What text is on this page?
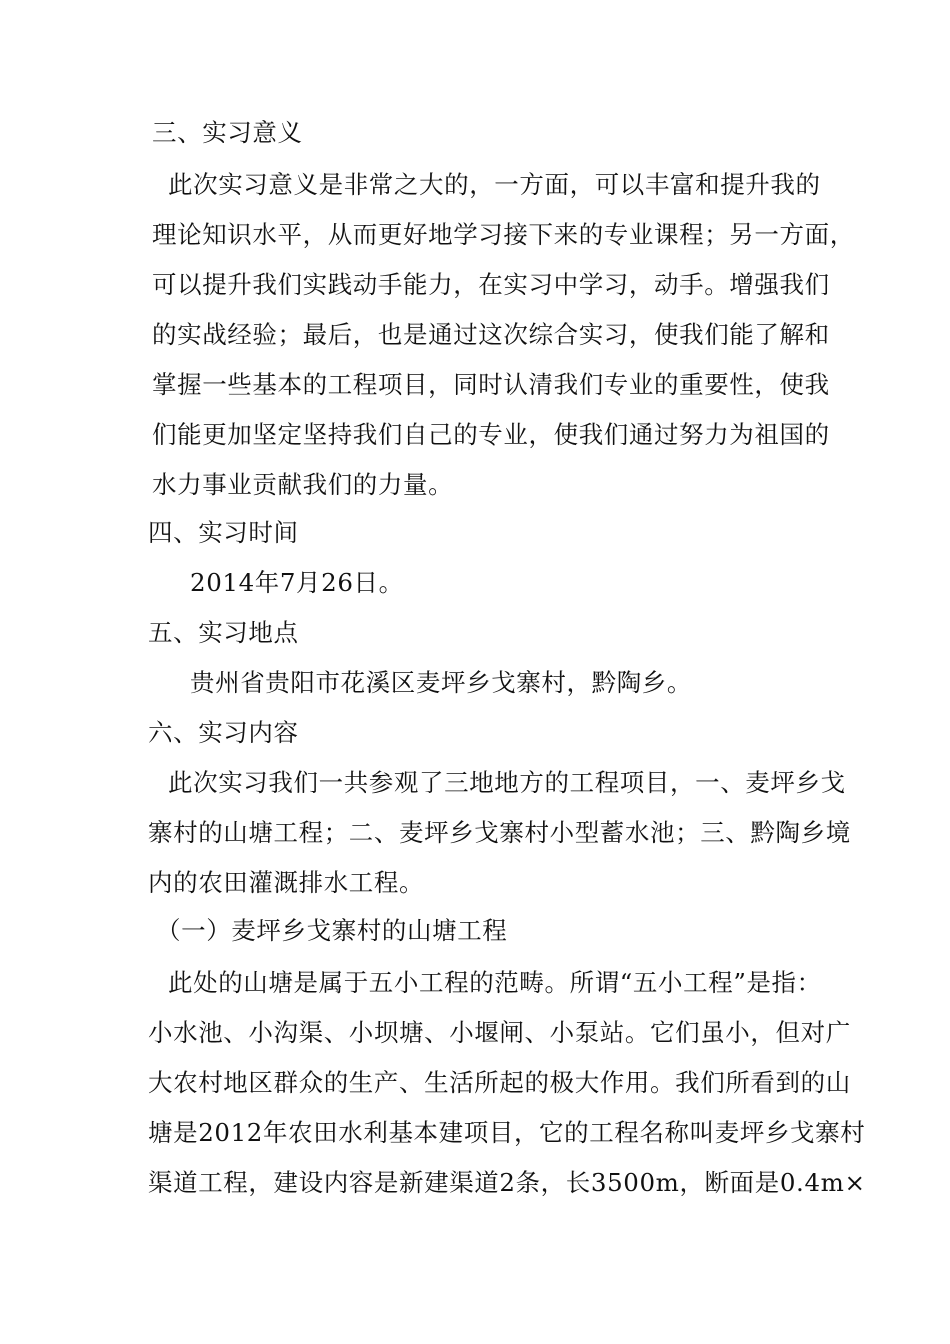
三、实习意义
此次实习意义是非常之大的，一方面，可以丰富和提升我的
理论知识水平，从而更好地学习接下来的专业课程；另一方面，
可以提升我们实践动手能力，在实习中学习，动手。增强我们
的实战经验；最后，也是通过这次综合实习，使我们能了解和
掌握一些基本的工程项目，同时认清我们专业的重要性，使我
们能更加坚定坚持我们自己的专业，使我们通过努力为祖国的
水力事业贡献我们的力量。
四、实习时间
2014年7月26日。
五、实习地点
贵州省贵阳市花溪区麦坪乡戈寨村，黔陶乡。
六、实习内容
此次实习我们一共参观了三地地方的工程项目，一、麦坪乡戈
寨村的山塘工程；二、麦坪乡戈寨村小型蓄水池；三、黔陶乡境
内的农田灌溉排水工程。
（一）麦坪乡戈寨村的山塘工程
此处的山塘是属于五小工程的范畴。所谓“五小工程”是指：
小水池、小沟渠、小坝塘、小堰闸、小泵站。它们虽小，但对广
大农村地区群众的生产、生活所起的极大作用。我们所看到的山
塘是2012年农田水利基本建项目，它的工程名称叫麦坪乡戈寨村
渠道工程，建设内容是新建渠道2条，长3500m，断面是0.4m×
